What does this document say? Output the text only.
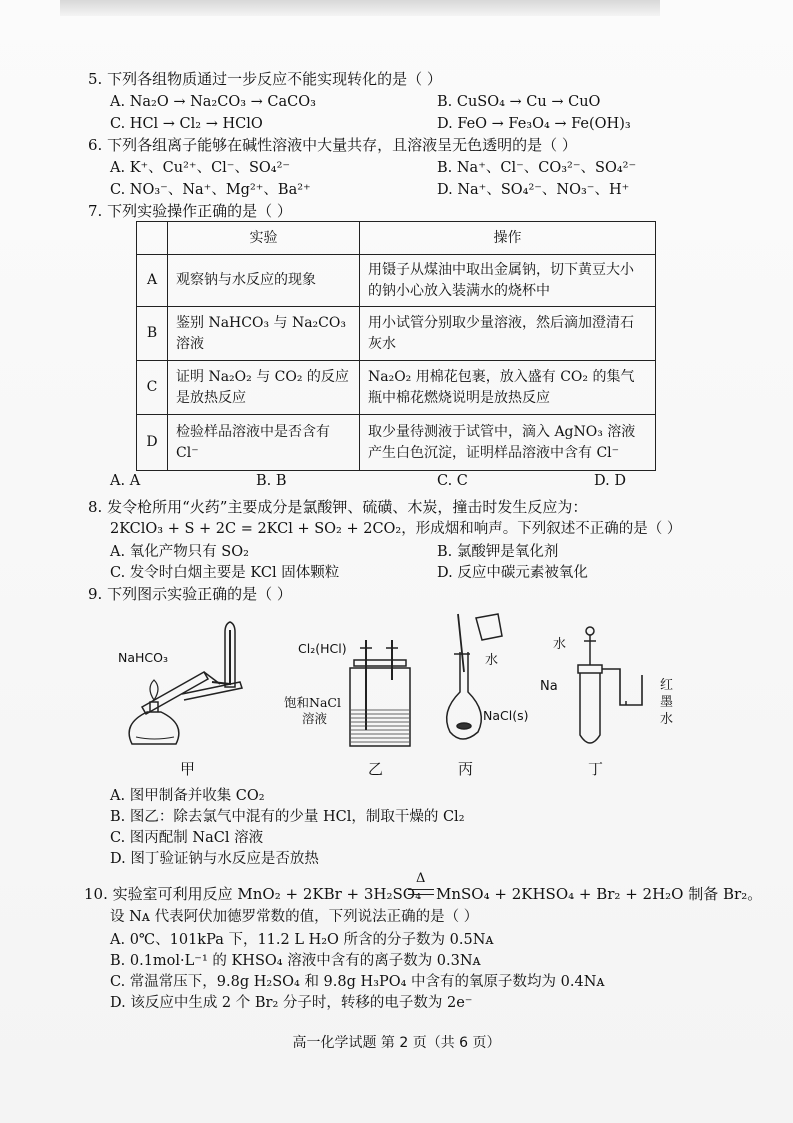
5. 下列各组物质通过一步反应不能实现转化的是（ ）
A. Na₂O → Na₂CO₃ → CaCO₃	B. CuSO₄ → Cu → CuO
C. HCl → Cl₂ → HClO	D. FeO → Fe₃O₄ → Fe(OH)₃
6. 下列各组离子能够在碱性溶液中大量共存，且溶液呈无色透明的是（ ）
A. K⁺、Cu²⁺、Cl⁻、SO₄²⁻	B. Na⁺、Cl⁻、CO₃²⁻、SO₄²⁻
C. NO₃⁻、Na⁺、Mg²⁺、Ba²⁺	D. Na⁺、SO₄²⁻、NO₃⁻、H⁺
7. 下列实验操作正确的是（ ）
	实验	操作
A	观察钠与水反应的现象	用镊子从煤油中取出金属钠，切下黄豆大小的钠小心放入装满水的烧杯中
B	鉴别 NaHCO₃ 与 Na₂CO₃ 溶液	用小试管分别取少量溶液，然后滴加澄清石灰水
C	证明 Na₂O₂ 与 CO₂ 的反应是放热反应	Na₂O₂ 用棉花包裹，放入盛有 CO₂ 的集气瓶中棉花燃烧说明是放热反应
D	检验样品溶液中是否含有 Cl⁻	取少量待测液于试管中，滴入 AgNO₃ 溶液产生白色沉淀，证明样品溶液中含有 Cl⁻
A. A	B. B	C. C	D. D
8. 发令枪所用“火药”主要成分是氯酸钾、硫磺、木炭，撞击时发生反应为：
2KClO₃ + S + 2C = 2KCl + SO₂ + 2CO₂，形成烟和响声。下列叙述不正确的是（ ）
A. 氧化产物只有 SO₂	B. 氯酸钾是氧化剂
C. 发令时白烟主要是 KCl 固体颗粒	D. 反应中碳元素被氧化
9. 下列图示实验正确的是（ ）
NaHCO₃
甲
Cl₂(HCl)
饱和NaCl
溶液
乙
水
NaCl(s)
丙
水
Na	红
墨
水
丁
A. 图甲制备并收集 CO₂
B. 图乙：除去氯气中混有的少量 HCl，制取干燥的 Cl₂
C. 图丙配制 NaCl 溶液
D. 图丁验证钠与水反应是否放热
10. 实验室可利用反应 MnO₂ + 2KBr + 3H₂SO₄
Δ
MnSO₄ + 2KHSO₄ + Br₂ + 2H₂O 制备 Br₂。
设 Nᴀ 代表阿伏加德罗常数的值，下列说法正确的是（ ）
A. 0℃、101kPa 下，11.2 L H₂O 所含的分子数为 0.5Nᴀ
B. 0.1mol·L⁻¹ 的 KHSO₄ 溶液中含有的离子数为 0.3Nᴀ
C. 常温常压下，9.8g H₂SO₄ 和 9.8g H₃PO₄ 中含有的氧原子数均为 0.4Nᴀ
D. 该反应中生成 2 个 Br₂ 分子时，转移的电子数为 2e⁻
高一化学试题 第 2 页（共 6 页）
